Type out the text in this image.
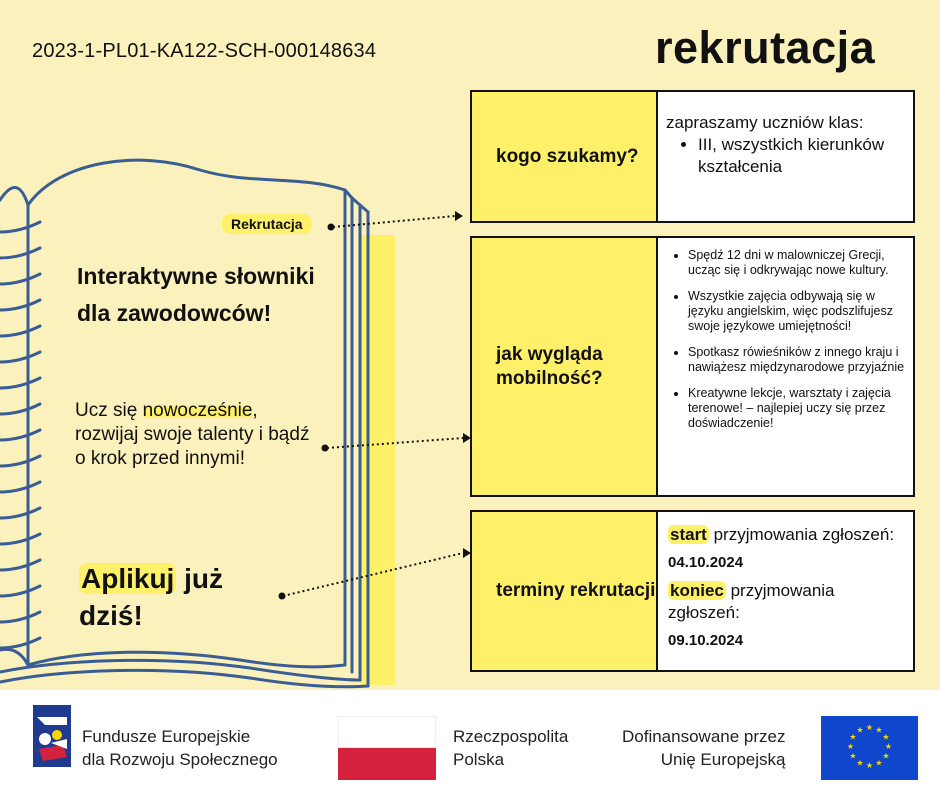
2023-1-PL01-KA122-SCH-000148634	rekrutacja
Rekrutacja
Interaktywne słowniki dla zawodowców!
Ucz się nowocześnie, rozwijaj swoje talenty i bądź o krok przed innymi!
Aplikuj już dziś!
kogo szukamy?
zapraszamy uczniów klas:
• III, wszystkich kierunków kształcenia
jak wygląda mobilność?
• Spędź 12 dni w malowniczej Grecji, ucząc się i odkrywając nowe kultury.
• Wszystkie zajęcia odbywają się w języku angielskim, więc podszlifujesz swoje językowe umiejętności!
• Spotkasz rówieśników z innego kraju i nawiążesz międzynarodowe przyjaźnie
• Kreatywne lekcje, warsztaty i zajęcia terenowe! – najlepiej uczy się przez doświadczenie!
terminy rekrutacji
start przyjmowania zgłoszeń:
04.10.2024
koniec przyjmowania zgłoszeń:
09.10.2024
Fundusze Europejskie
dla Rozwoju Społecznego
Rzeczpospolita
Polska
Dofinansowane przez
Unię Europejską
★ ★
★
★
★
★
★
★
★
★
★
★
